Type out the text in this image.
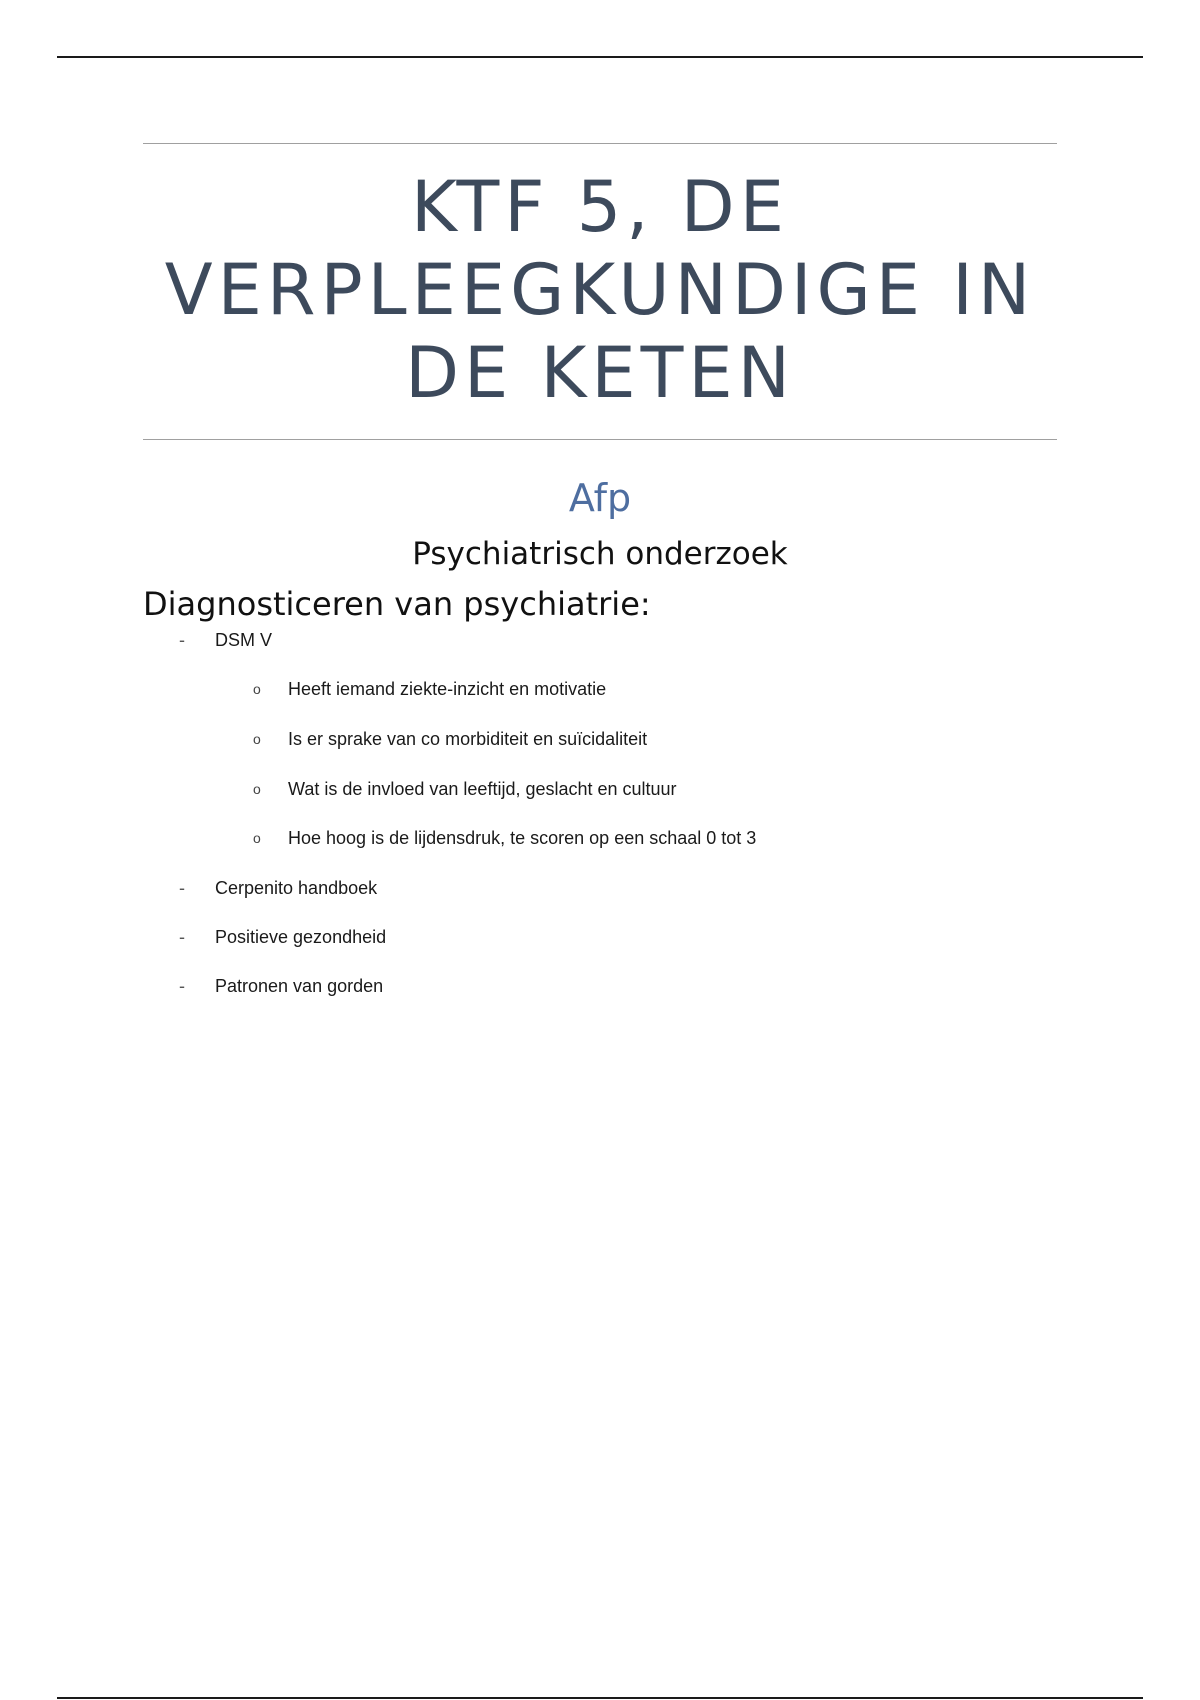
KTF 5, DE VERPLEEGKUNDIGE IN DE KETEN
Afp
Psychiatrisch onderzoek
Diagnosticeren van psychiatrie:
-	DSM V
o	Heeft iemand ziekte-inzicht en motivatie
o	Is er sprake van co morbiditeit en suïcidaliteit
o	Wat is de invloed van leeftijd, geslacht en cultuur
o	Hoe hoog is de lijdensdruk, te scoren op een schaal 0 tot 3
-	Cerpenito handboek
-	Positieve gezondheid
-	Patronen van gorden
